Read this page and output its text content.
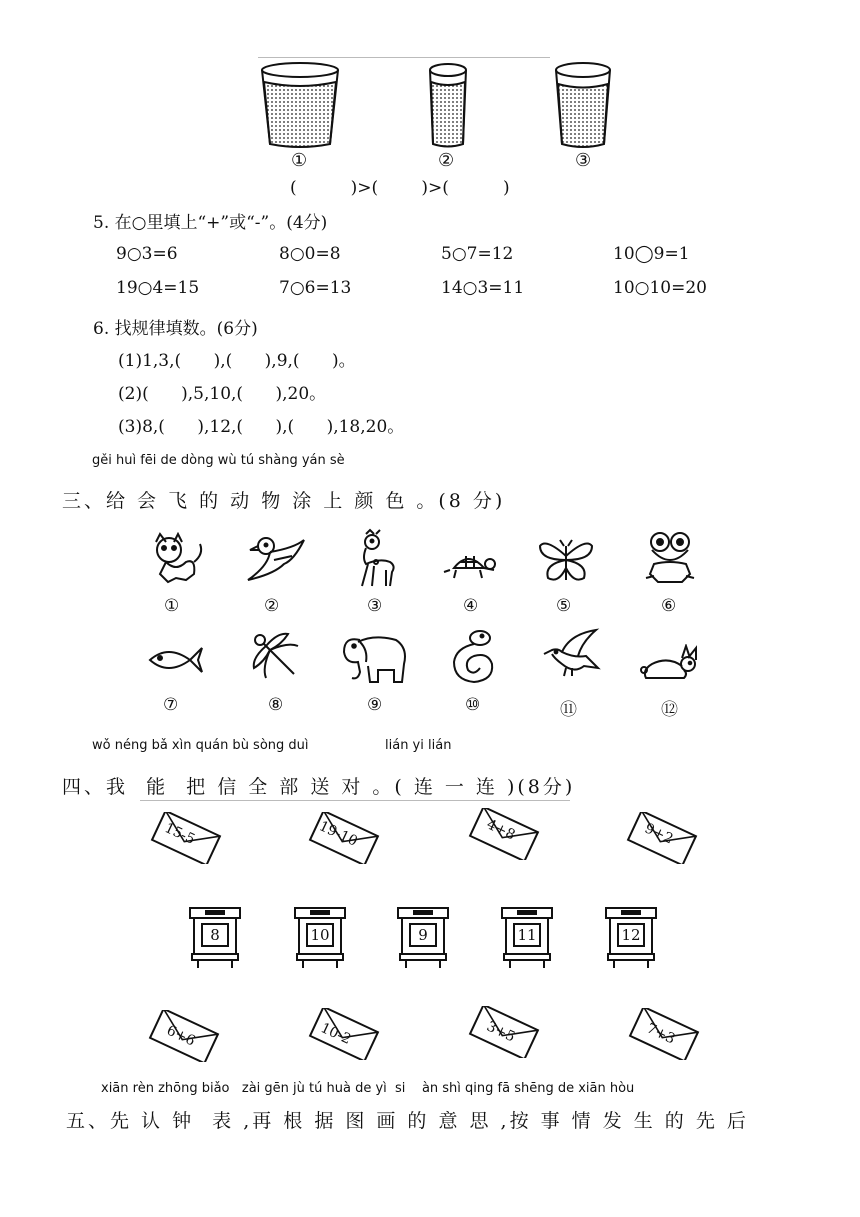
①	②	③
(          )>(        )>(          )
5. 在○里填上“+”或“-”。(4分)
9○3=6	8○0=8	5○7=12	10◯9=1
19○4=15	7○6=13	14○3=11	10○10=20
6. 找规律填数。(6分)
(1)1,3,(      ),(      ),9,(      )。
(2)(      ),5,10,(      ),20。
(3)8,(      ),12,(      ),(      ),18,20。
gěi huì fēi de dòng wù tú shàng yán sè
三、给 会 飞 的 动 物 涂 上 颜 色 。(8 分)
①	②	③	④	⑤	⑥
⑦	⑧	⑨	⑩	⑪	⑫
wǒ néng bǎ xìn quán bù sòng duì	lián yi lián
四、我  能  把 信 全 部 送 对 。( 连 一 连 )(8分)
15-5	19-10	4+8	9+2
8	10	9	11	12
6+6	10-2	3+5	7+3
xiān rèn zhōng biǎo   zài gēn jù tú huà de yì  si    àn shì qing fā shēng de xiān hòu
五、先 认 钟  表 ,再 根 据 图 画 的 意 思 ,按 事 情 发 生 的 先 后
